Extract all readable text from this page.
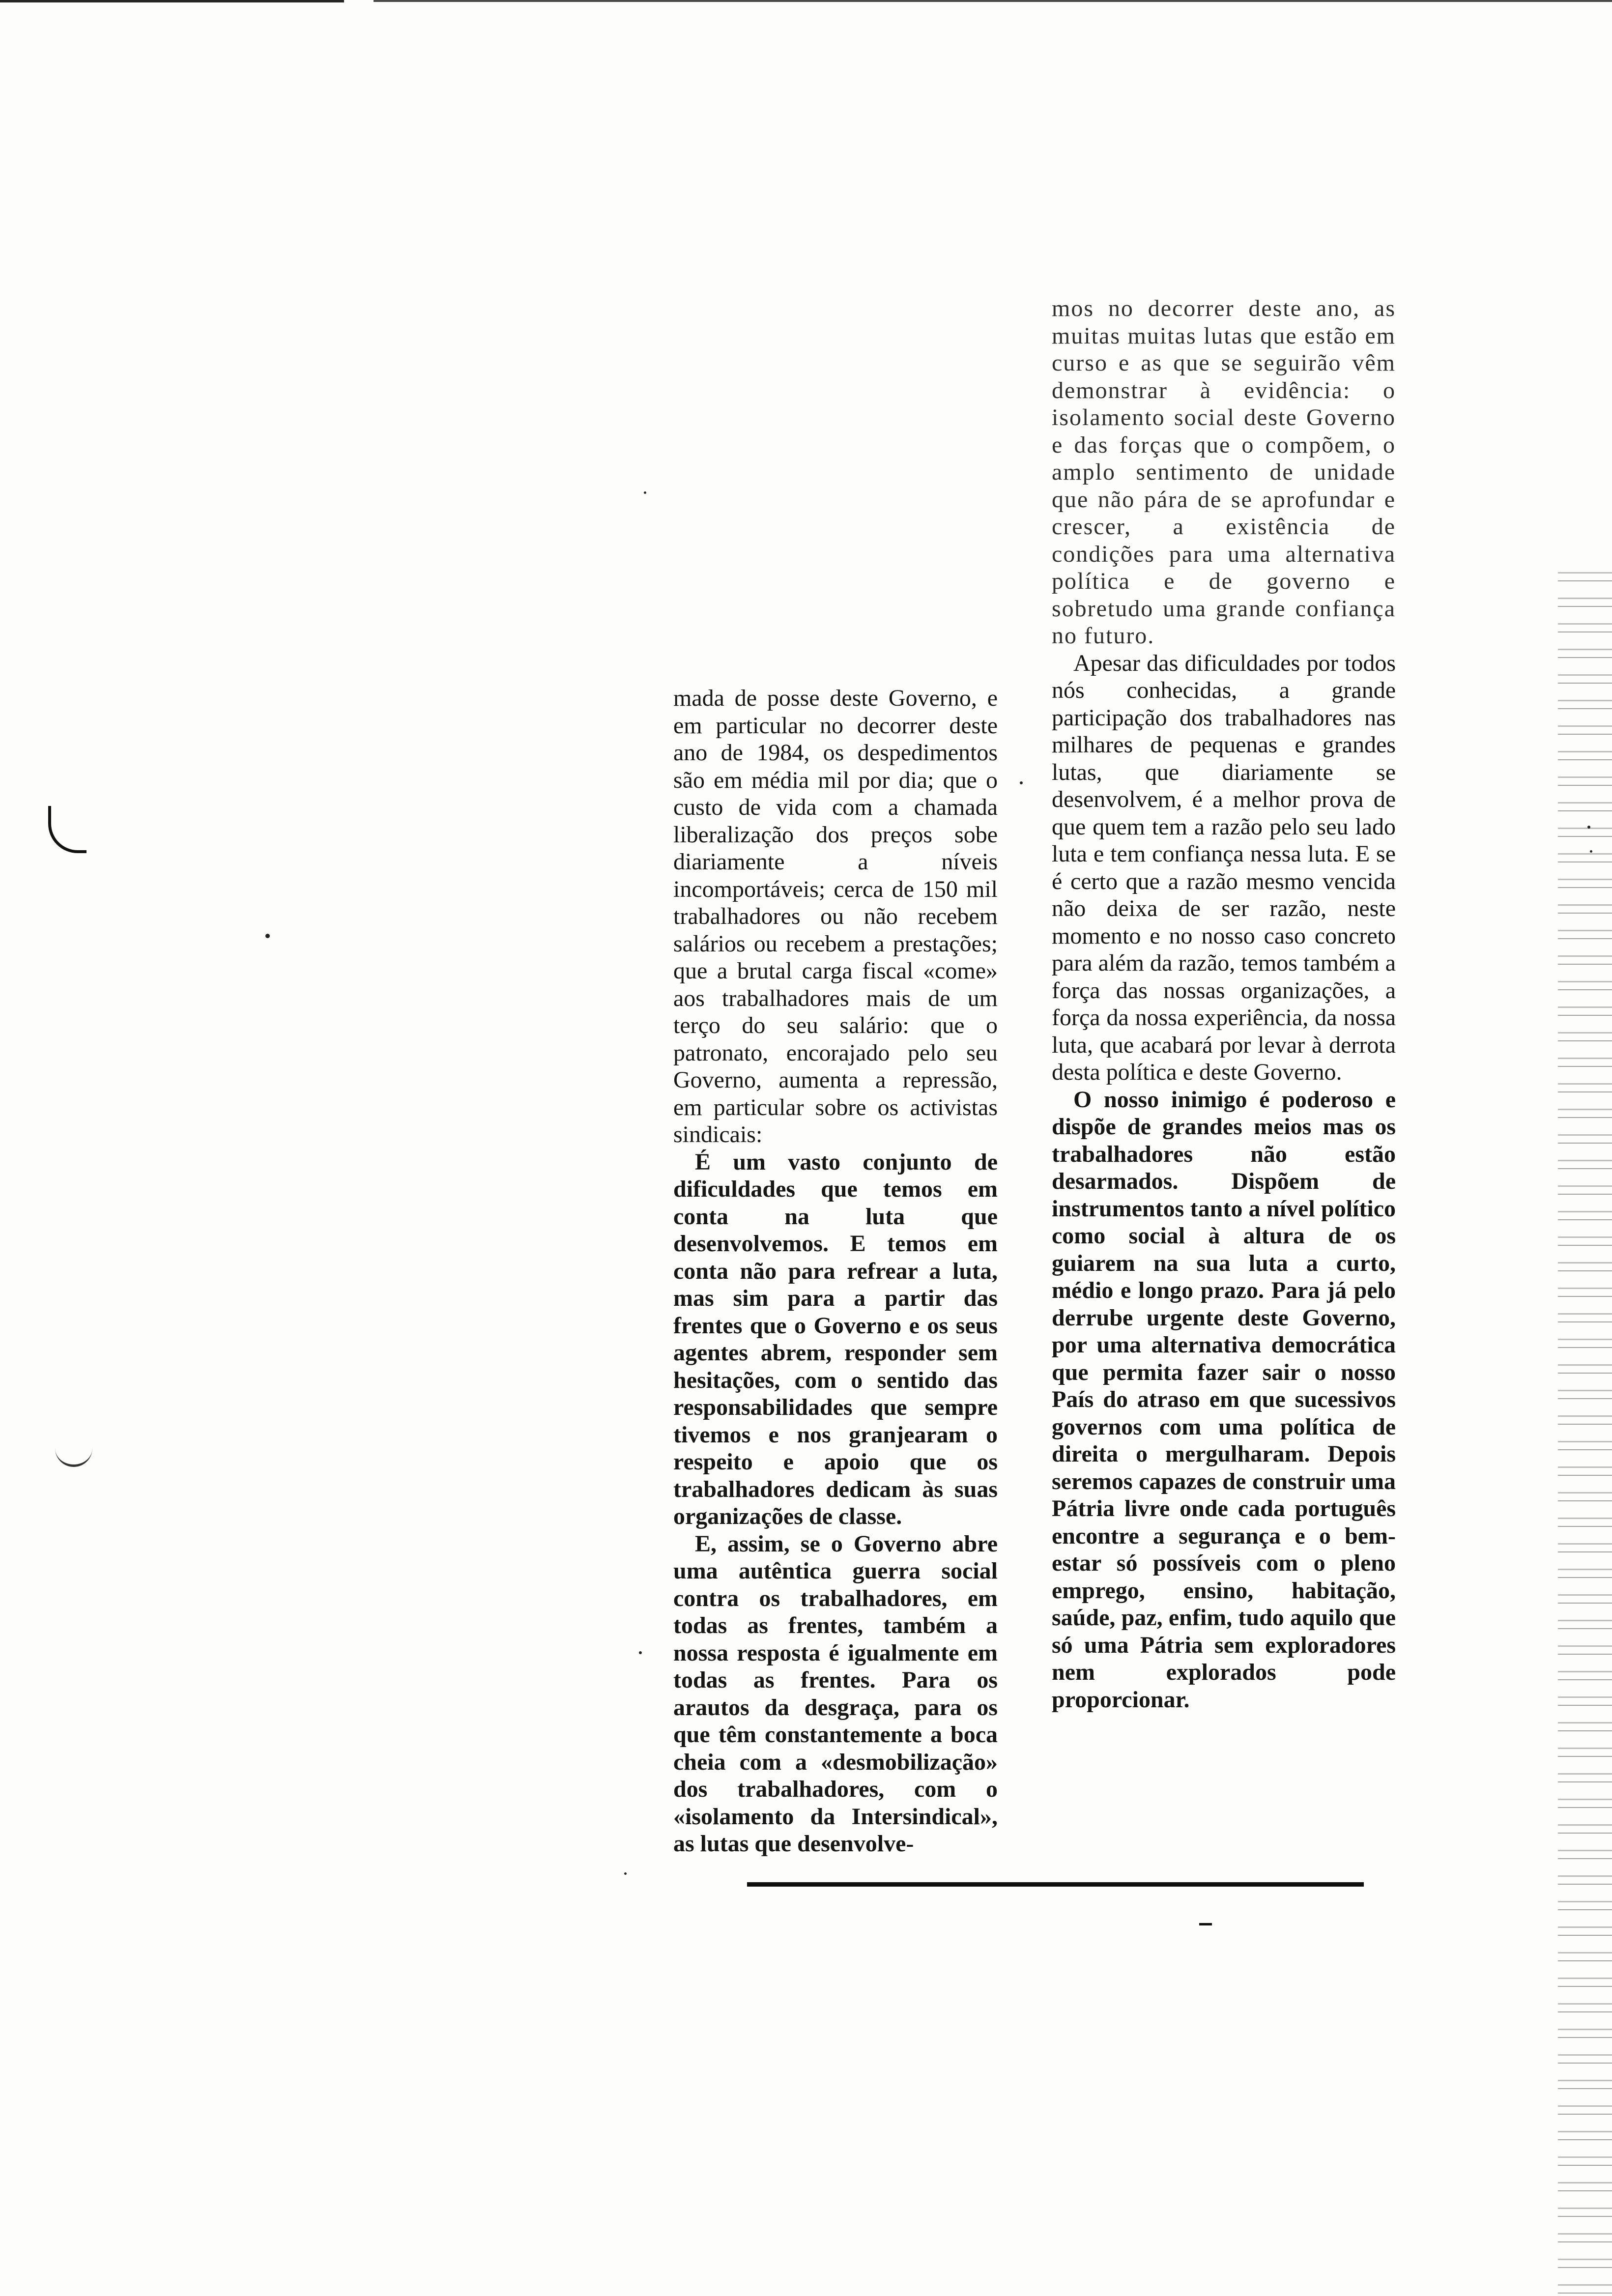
mada de posse deste Governo, e em particular no decorrer deste ano de 1984, os despedimentos são em média mil por dia; que o custo de vida com a chamada liberalização dos preços sobe diariamente a níveis incomportáveis; cerca de 150 mil trabalhadores ou não recebem salários ou recebem a prestações; que a brutal carga fiscal «come» aos trabalhadores mais de um terço do seu salário: que o patronato, encorajado pelo seu Governo, aumenta a repressão, em particular sobre os activistas sindicais:

É um vasto conjunto de dificuldades que temos em conta na luta que desenvolvemos. E temos em conta não para refrear a luta, mas sim para a partir das frentes que o Governo e os seus agentes abrem, responder sem hesitações, com o sentido das responsabilidades que sempre tivemos e nos granjearam o respeito e apoio que os trabalhadores dedicam às suas organizações de classe.

E, assim, se o Governo abre uma autêntica guerra social contra os trabalhadores, em todas as frentes, também a nossa resposta é igualmente em todas as frentes. Para os arautos da desgraça, para os que têm constantemente a boca cheia com a «desmobilização» dos trabalhadores, com o «isolamento da Intersindical», as lutas que desenvolve-

mos no decorrer deste ano, as muitas muitas lutas que estão em curso e as que se seguirão vêm demonstrar à evidência: o isolamento social deste Governo e das forças que o compõem, o amplo sentimento de unidade que não pára de se aprofundar e crescer, a existência de condições para uma alternativa política e de governo e sobretudo uma grande confiança no futuro.

Apesar das dificuldades por todos nós conhecidas, a grande participação dos trabalhadores nas milhares de pequenas e grandes lutas, que diariamente se desenvolvem, é a melhor prova de que quem tem a razão pelo seu lado luta e tem confiança nessa luta. E se é certo que a razão mesmo vencida não deixa de ser razão, neste momento e no nosso caso concreto para além da razão, temos também a força das nossas organizações, a força da nossa experiência, da nossa luta, que acabará por levar à derrota desta política e deste Governo.

O nosso inimigo é poderoso e dispõe de grandes meios mas os trabalhadores não estão desarmados. Dispõem de instrumentos tanto a nível político como social à altura de os guiarem na sua luta a curto, médio e longo prazo. Para já pelo derrube urgente deste Governo, por uma alternativa democrática que permita fazer sair o nosso País do atraso em que sucessivos governos com uma política de direita o mergulharam. Depois seremos capazes de construir uma Pátria livre onde cada português encontre a segurança e o bem-estar só possíveis com o pleno emprego, ensino, habitação, saúde, paz, enfim, tudo aquilo que só uma Pátria sem exploradores nem explorados pode proporcionar.
